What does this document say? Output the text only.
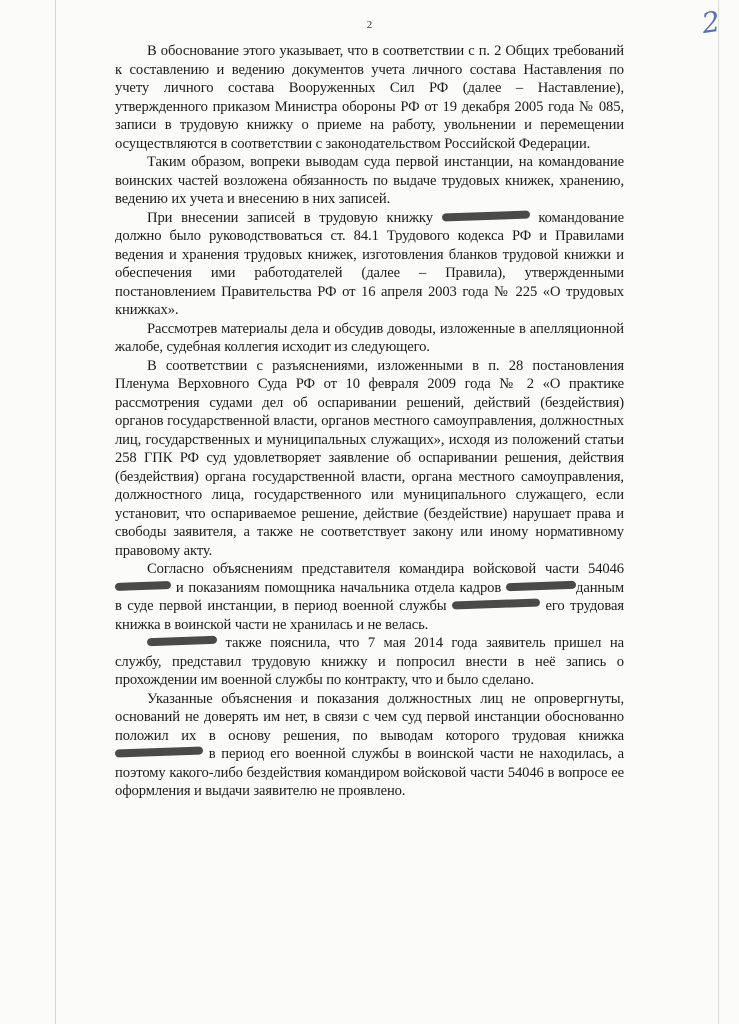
2	2

В обоснование этого указывает, что в соответствии с п. 2 Общих требований к составлению и ведению документов учета личного состава Наставления по учету личного состава Вооруженных Сил РФ (далее – Наставление), утвержденного приказом Министра обороны РФ от 19 декабря 2005 года № 085, записи в трудовую книжку о приеме на работу, увольнении и перемещении осуществляются в соответствии с законодательством Российской Федерации.

Таким образом, вопреки выводам суда первой инстанции, на командование воинских частей возложена обязанность по выдаче трудовых книжек, хранению, ведению их учета и внесению в них записей.

При внесении записей в трудовую книжку	командование должно было руководствоваться ст. 84.1 Трудового кодекса РФ и Правилами ведения и хранения трудовых книжек, изготовления бланков трудовой книжки и обеспечения ими работодателей (далее – Правила), утвержденными постановлением Правительства РФ от 16 апреля 2003 года № 225 «О трудовых книжках».

Рассмотрев материалы дела и обсудив доводы, изложенные в апелляционной жалобе, судебная коллегия исходит из следующего.

В соответствии с разъяснениями, изложенными в п. 28 постановления Пленума Верховного Суда РФ от 10 февраля 2009 года № 2 «О практике рассмотрения судами дел об оспаривании решений, действий (бездействия) органов государственной власти, органов местного самоуправления, должностных лиц, государственных и муниципальных служащих», исходя из положений статьи 258 ГПК РФ суд удовлетворяет заявление об оспаривании решения, действия (бездействия) органа государственной власти, органа местного самоуправления, должностного лица, государственного или муниципального служащего, если установит, что оспариваемое решение, действие (бездействие) нарушает права и свободы заявителя, а также не соответствует закону или иному нормативному правовому акту.

Согласно объяснениям представителя командира войсковой части 54046  и показаниям помощника начальника отдела кадров	данным в суде первой инстанции, в период военной службы	его трудовая книжка в воинской части не хранилась и не велась.

также пояснила, что 7 мая 2014 года заявитель пришел на службу, представил трудовую книжку и попросил внести в неё запись о прохождении им военной службы по контракту, что и было сделано.

Указанные объяснения и показания должностных лиц не опровергнуты, оснований не доверять им нет, в связи с чем суд первой инстанции обоснованно положил их в основу решения, по выводам которого трудовая книжка  в период его военной службы в воинской части не находилась, а поэтому какого-либо бездействия командиром войсковой части 54046 в вопросе ее оформления и выдачи заявителю не проявлено.
